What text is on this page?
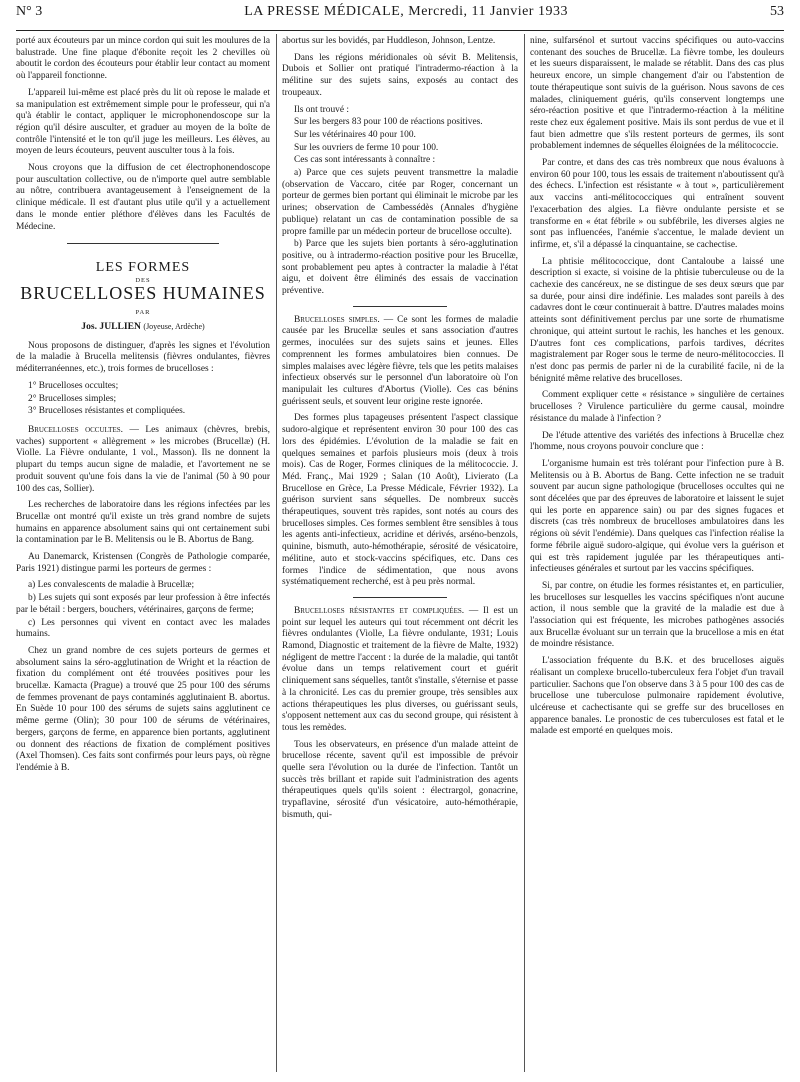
N° 3	LA PRESSE MÉDICALE, Mercredi, 11 Janvier 1933	53

porté aux écouteurs par un mince cordon qui suit les moulures de la balustrade. Une fine plaque d'ébonite reçoit les 2 chevilles où aboutit le cordon des écouteurs pour établir leur contact au moment où l'appareil fonctionne.

L'appareil lui-même est placé près du lit où repose le malade et sa manipulation est extrêmement simple pour le professeur, qui n'a qu'à établir le contact, appliquer le microphonendoscope sur la région qu'il désire ausculter, et graduer au moyen de la boîte de contrôle l'intensité et le ton qu'il juge les meilleurs. Les élèves, au moyen de leurs écouteurs, peuvent ausculter tous à la fois.

Nous croyons que la diffusion de cet électrophonendoscope pour auscultation collective, ou de n'importe quel autre semblable au nôtre, contribuera avantageusement à l'enseignement de la clinique médicale. Il est d'autant plus utile qu'il y a actuellement dans le monde entier pléthore d'élèves dans les Facultés de Médecine.

LES FORMES
DES
BRUCELLOSES HUMAINES
PAR
Jos. JULLIEN (Joyeuse, Ardèche)

Nous proposons de distinguer, d'après les signes et l'évolution de la maladie à Brucella melitensis (fièvres ondulantes, fièvres méditerranéennes, etc.), trois formes de brucelloses :

1° Brucelloses occultes;
2° Brucelloses simples;
3° Brucelloses résistantes et compliquées.

Brucelloses occultes. — Les animaux (chèvres, brebis, vaches) supportent « allègrement » les microbes (Brucellæ) (H. Violle. La Fièvre ondulante, 1 vol., Masson). Ils ne donnent la plupart du temps aucun signe de maladie, et l'avortement ne se produit souvent qu'une fois dans la vie de l'animal (50 à 90 pour 100 des cas, Sollier).

Les recherches de laboratoire dans les régions infectées par les Brucellæ ont montré qu'il existe un très grand nombre de sujets humains en apparence absolument sains qui ont certainement subi la contamination par le B. Melitensis ou le B. Abortus de Bang.

Au Danemarck, Kristensen (Congrès de Pathologie comparée, Paris 1921) distingue parmi les porteurs de germes :

a) Les convalescents de maladie à Brucellæ;

b) Les sujets qui sont exposés par leur profession à être infectés par le bétail : bergers, bouchers, vétérinaires, garçons de ferme;

c) Les personnes qui vivent en contact avec les malades humains.

Chez un grand nombre de ces sujets porteurs de germes et absolument sains la séro-agglutination de Wright et la réaction de fixation du complément ont été trouvées positives pour les brucellæ. Kamacta (Prague) a trouvé que 25 pour 100 des sérums de femmes provenant de pays contaminés agglutinaient B. abortus. En Suède 10 pour 100 des sérums de sujets sains agglutinent ce même germe (Olin); 30 pour 100 de sérums de vétérinaires, bergers, garçons de ferme, en apparence bien portants, agglutinent ou donnent des réactions de fixation de complément positives (Axel Thomsen). Ces faits sont confirmés pour leurs pays, où règne l'endémie à B.

abortus sur les bovidés, par Huddleson, Johnson, Lentze.

Dans les régions méridionales où sévit B. Melitensis, Dubois et Sollier ont pratiqué l'intradermo-réaction à la mélitine sur des sujets sains, exposés au contact des troupeaux.

Ils ont trouvé :

Sur les bergers 83 pour 100 de réactions positives.

Sur les vétérinaires 40 pour 100.

Sur les ouvriers de ferme 10 pour 100.

Ces cas sont intéressants à connaître :

a) Parce que ces sujets peuvent transmettre la maladie (observation de Vaccaro, citée par Roger, concernant un porteur de germes bien portant qui éliminait le microbe par les urines; observation de Cambessédès (Annales d'hygiène publique) relatant un cas de contamination possible de sa propre famille par un médecin porteur de brucellose occulte).

b) Parce que les sujets bien portants à séro-agglutination positive, ou à intradermo-réaction positive pour les Brucellæ, sont probablement peu aptes à contracter la maladie à l'état aigu, et doivent être éliminés des essais de vaccination préventive.

Brucelloses simples. — Ce sont les formes de maladie causée par les Brucellæ seules et sans association d'autres germes, inoculées sur des sujets sains et jeunes. Elles comprennent les formes ambulatoires bien connues. De simples malaises avec légère fièvre, tels que les petits malaises infectieux observés sur le personnel d'un laboratoire où l'on manipulait les cultures d'Abortus (Violle). Ces cas bénins guérissent seuls, et souvent leur origine reste ignorée.

Des formes plus tapageuses présentent l'aspect classique sudoro-algique et représentent environ 30 pour 100 des cas lors des épidémies. L'évolution de la maladie se fait en quelques semaines et parfois plusieurs mois (deux à trois mois). Cas de Roger, Formes cliniques de la mélitococcie. J. Méd. Franç., Mai 1929 ; Salan (10 Août), Livierato (La Brucellose en Grèce, La Presse Médicale, Février 1932). La guérison survient sans séquelles. De nombreux succès thérapeutiques, souvent très rapides, sont notés au cours des brucelloses simples. Ces formes semblent être sensibles à tous les agents anti-infectieux, acridine et dérivés, arséno-benzols, quinine, bismuth, auto-hémothérapie, sérosité de vésicatoire, mélitine, auto et stock-vaccins spécifiques, etc. Dans ces formes l'indice de sédimentation, que nous avons systématiquement recherché, est à peu près normal.

Brucelloses résistantes et compliquées. — Il est un point sur lequel les auteurs qui tout récemment ont décrit les fièvres ondulantes (Violle, La fièvre ondulante, 1931; Louis Ramond, Diagnostic et traitement de la fièvre de Malte, 1932) négligent de mettre l'accent : la durée de la maladie, qui tantôt évolue dans un temps relativement court et guérit cliniquement sans séquelles, tantôt s'installe, s'éternise et passe à la chronicité. Les cas du premier groupe, très sensibles aux actions thérapeutiques les plus diverses, ou guérissant seuls, s'opposent nettement aux cas du second groupe, qui résistent à tous les remèdes.

Tous les observateurs, en présence d'un malade atteint de brucellose récente, savent qu'il est impossible de prévoir quelle sera l'évolution ou la durée de l'infection. Tantôt un succès très brillant et rapide suit l'administration des agents thérapeutiques quels qu'ils soient : électrargol, gonacrine, trypaflavine, sérosité d'un vésicatoire, auto-hémothérapie, bismuth, qui-

nine, sulfarsénol et surtout vaccins spécifiques ou auto-vaccins contenant des souches de Brucellæ. La fièvre tombe, les douleurs et les sueurs disparaissent, le malade se rétablit. Dans des cas plus heureux encore, un simple changement d'air ou l'abstention de toute thérapeutique sont suivis de la guérison. Nous savons de ces malades, cliniquement guéris, qu'ils conservent longtemps une séro-réaction positive et que l'intradermo-réaction à la mélitine reste chez eux également positive. Mais ils sont perdus de vue et il faut bien admettre que s'ils restent porteurs de germes, ils sont probablement indemnes de séquelles éloignées de la mélitococcie.

Par contre, et dans des cas très nombreux que nous évaluons à environ 60 pour 100, tous les essais de traitement n'aboutissent qu'à des échecs. L'infection est résistante « à tout », particulièrement aux vaccins anti-mélitococciques qui entraînent souvent l'exacerbation des algies. La fièvre ondulante persiste et se transforme en « état fébrile » ou subfébrile, les diverses algies ne sont pas influencées, l'anémie s'accentue, le malade devient un infirme, et, s'il a dépassé la cinquantaine, se cachectise.

La phtisie mélitococcique, dont Cantaloube a laissé une description si exacte, si voisine de la phtisie tuberculeuse ou de la cachexie des cancéreux, ne se distingue de ses deux sœurs que par sa durée, pour ainsi dire indéfinie. Les malades sont pareils à des cadavres dont le cœur continuerait à battre. D'autres malades moins atteints sont définitivement perclus par une sorte de rhumatisme chronique, qui atteint surtout le rachis, les hanches et les genoux. D'autres font ces complications, parfois tardives, décrites magistralement par Roger sous le terme de neuro-mélitococcies. Il n'est donc pas permis de parler ni de la curabilité facile, ni de la bénignité même relative des brucelloses.

Comment expliquer cette « résistance » singulière de certaines brucelloses ? Virulence particulière du germe causal, moindre résistance du malade à l'infection ?

De l'étude attentive des variétés des infections à Brucellæ chez l'homme, nous croyons pouvoir conclure que :

L'organisme humain est très tolérant pour l'infection pure à B. Melitensis ou à B. Abortus de Bang. Cette infection ne se traduit souvent par aucun signe pathologique (brucelloses occultes qui ne sont décelées que par des épreuves de laboratoire et laissent le sujet qui les porte en apparence sain) ou par des signes fugaces et discrets (cas très nombreux de brucelloses ambulatoires dans les régions où sévit l'endémie). Dans quelques cas l'infection réalise la forme fébrile aiguë sudoro-algique, qui évolue vers la guérison et qui est très rapidement jugulée par les thérapeutiques anti-infectieuses générales et surtout par les vaccins spécifiques.

Si, par contre, on étudie les formes résistantes et, en particulier, les brucelloses sur lesquelles les vaccins spécifiques n'ont aucune action, il nous semble que la gravité de la maladie est due à l'association qui est fréquente, les microbes pathogènes associés aux Brucellæ évoluant sur un terrain que la brucellose a mis en état de moindre résistance.

L'association fréquente du B.K. et des brucelloses aiguës réalisant un complexe brucello-tuberculeux fera l'objet d'un travail particulier. Sachons que l'on observe dans 3 à 5 pour 100 des cas de brucellose une tuberculose pulmonaire rapidement évolutive, ulcéreuse et cachectisante qui se greffe sur des brucelloses en apparence banales. Le pronostic de ces tuberculoses est fatal et le malade est emporté en quelques mois.
